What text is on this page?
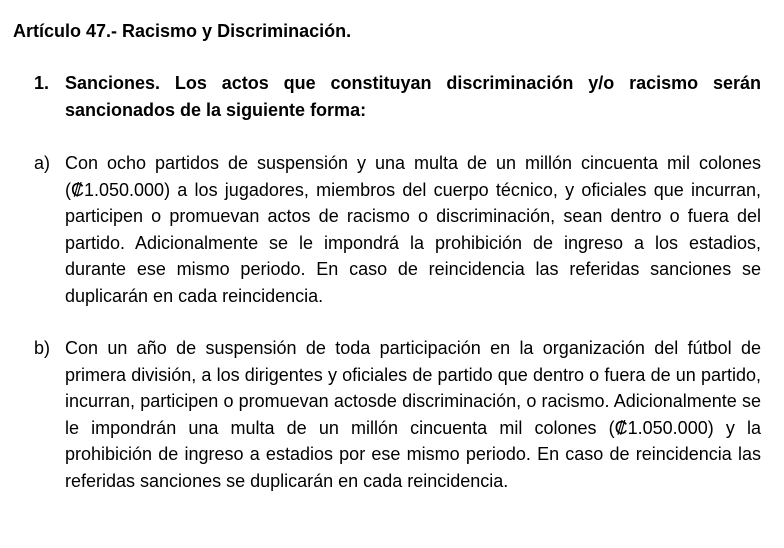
Artículo 47.- Racismo y Discriminación.
1. Sanciones. Los actos que constituyan discriminación y/o racismo serán sancionados de la siguiente forma:
a) Con ocho partidos de suspensión y una multa de un millón cincuenta mil colones (₡1.050.000) a los jugadores, miembros del cuerpo técnico, y oficiales que incurran, participen o promuevan actos de racismo o discriminación, sean dentro o fuera del partido. Adicionalmente se le impondrá la prohibición de ingreso a los estadios, durante ese mismo periodo. En caso de reincidencia las referidas sanciones se duplicarán en cada reincidencia.
b) Con un año de suspensión de toda participación en la organización del fútbol de primera división, a los dirigentes y oficiales de partido que dentro o fuera de un partido, incurran, participen o promuevan actosde discriminación, o racismo. Adicionalmente se le impondrán una multa de un millón cincuenta mil colones (₡1.050.000) y la prohibición de ingreso a estadios por ese mismo periodo. En caso de reincidencia las referidas sanciones se duplicarán en cada reincidencia.
